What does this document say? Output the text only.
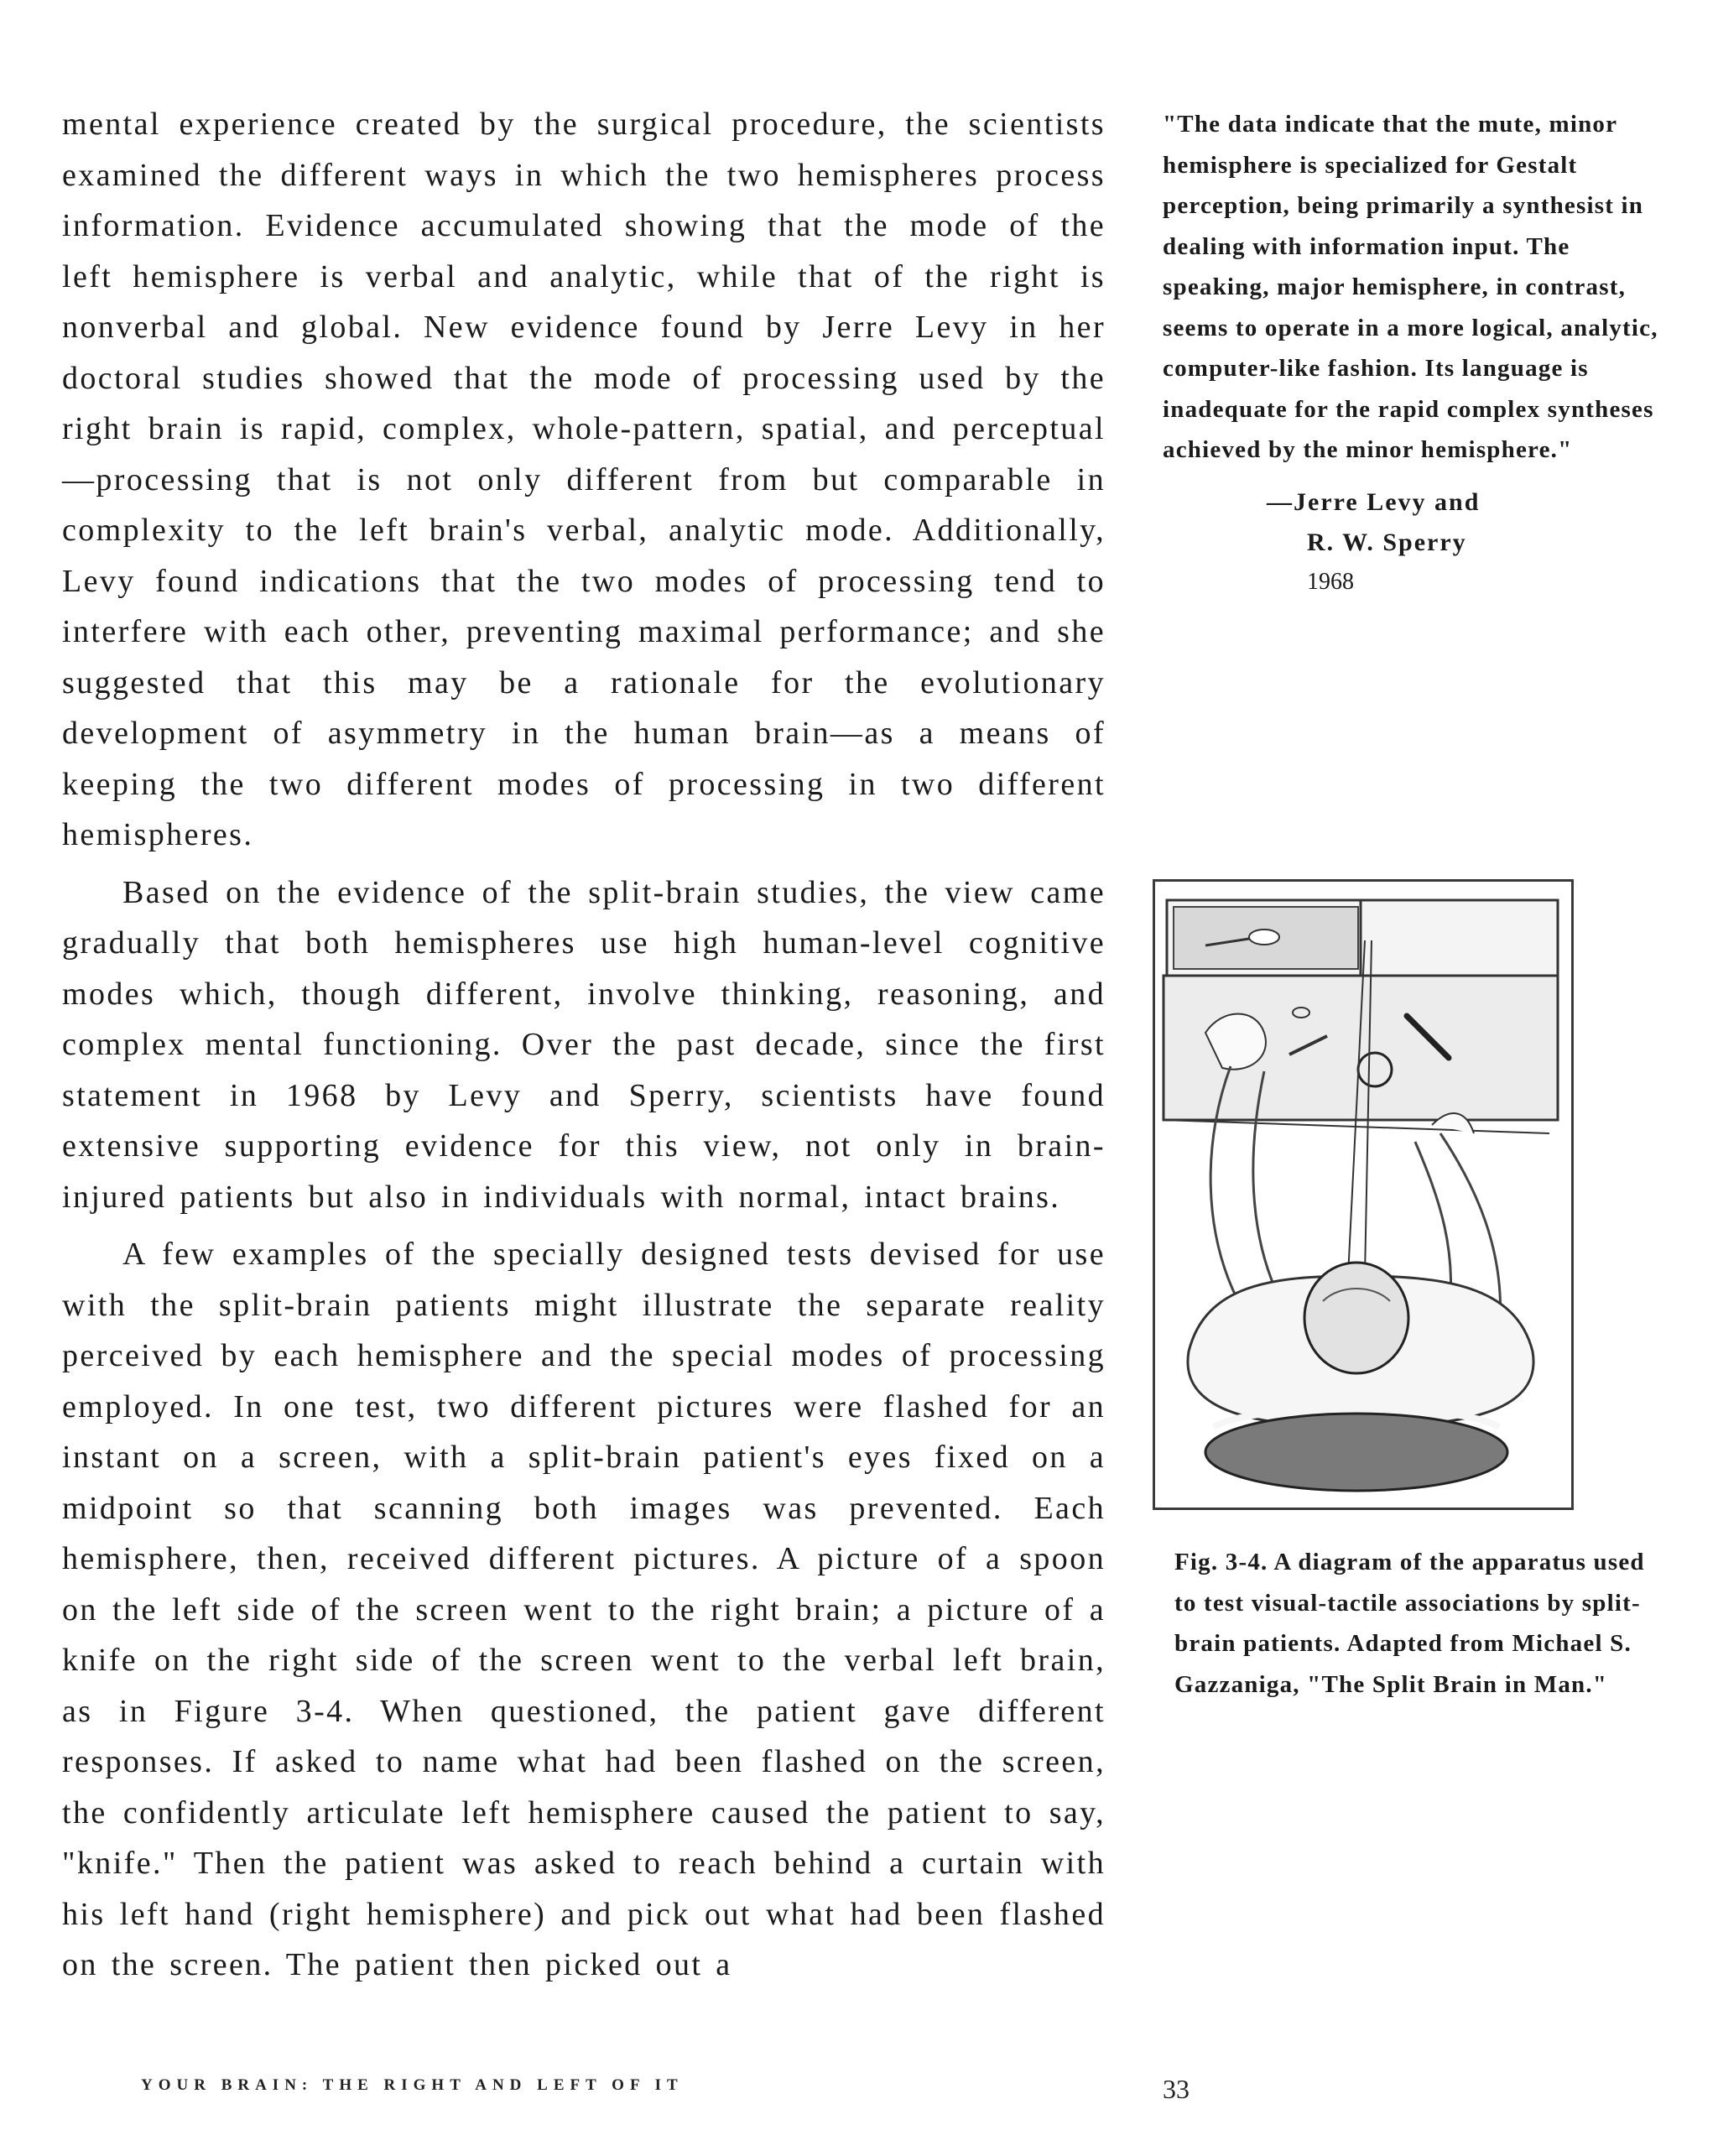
mental experience created by the surgical procedure, the scientists examined the different ways in which the two hemispheres process information. Evidence accumulated showing that the mode of the left hemisphere is verbal and analytic, while that of the right is nonverbal and global. New evidence found by Jerre Levy in her doctoral studies showed that the mode of processing used by the right brain is rapid, complex, whole-pattern, spatial, and perceptual—processing that is not only different from but comparable in complexity to the left brain's verbal, analytic mode. Additionally, Levy found indications that the two modes of processing tend to interfere with each other, preventing maximal performance; and she suggested that this may be a rationale for the evolutionary development of asymmetry in the human brain—as a means of keeping the two different modes of processing in two different hemispheres.

Based on the evidence of the split-brain studies, the view came gradually that both hemispheres use high human-level cognitive modes which, though different, involve thinking, reasoning, and complex mental functioning. Over the past decade, since the first statement in 1968 by Levy and Sperry, scientists have found extensive supporting evidence for this view, not only in brain-injured patients but also in individuals with normal, intact brains.

A few examples of the specially designed tests devised for use with the split-brain patients might illustrate the separate reality perceived by each hemisphere and the special modes of processing employed. In one test, two different pictures were flashed for an instant on a screen, with a split-brain patient's eyes fixed on a midpoint so that scanning both images was prevented. Each hemisphere, then, received different pictures. A picture of a spoon on the left side of the screen went to the right brain; a picture of a knife on the right side of the screen went to the verbal left brain, as in Figure 3-4. When questioned, the patient gave different responses. If asked to name what had been flashed on the screen, the confidently articulate left hemisphere caused the patient to say, "knife." Then the patient was asked to reach behind a curtain with his left hand (right hemisphere) and pick out what had been flashed on the screen. The patient then picked out a

"The data indicate that the mute, minor hemisphere is specialized for Gestalt perception, being primarily a synthesist in dealing with information input. The speaking, major hemisphere, in contrast, seems to operate in a more logical, analytic, computer-like fashion. Its language is inadequate for the rapid complex syntheses achieved by the minor hemisphere."

—Jerre Levy and
R. W. Sperry
1968
Fig. 3-4. A diagram of the apparatus used to test visual-tactile associations by split-brain patients. Adapted from Michael S. Gazzaniga, "The Split Brain in Man."
YOUR BRAIN: THE RIGHT AND LEFT OF IT	33
